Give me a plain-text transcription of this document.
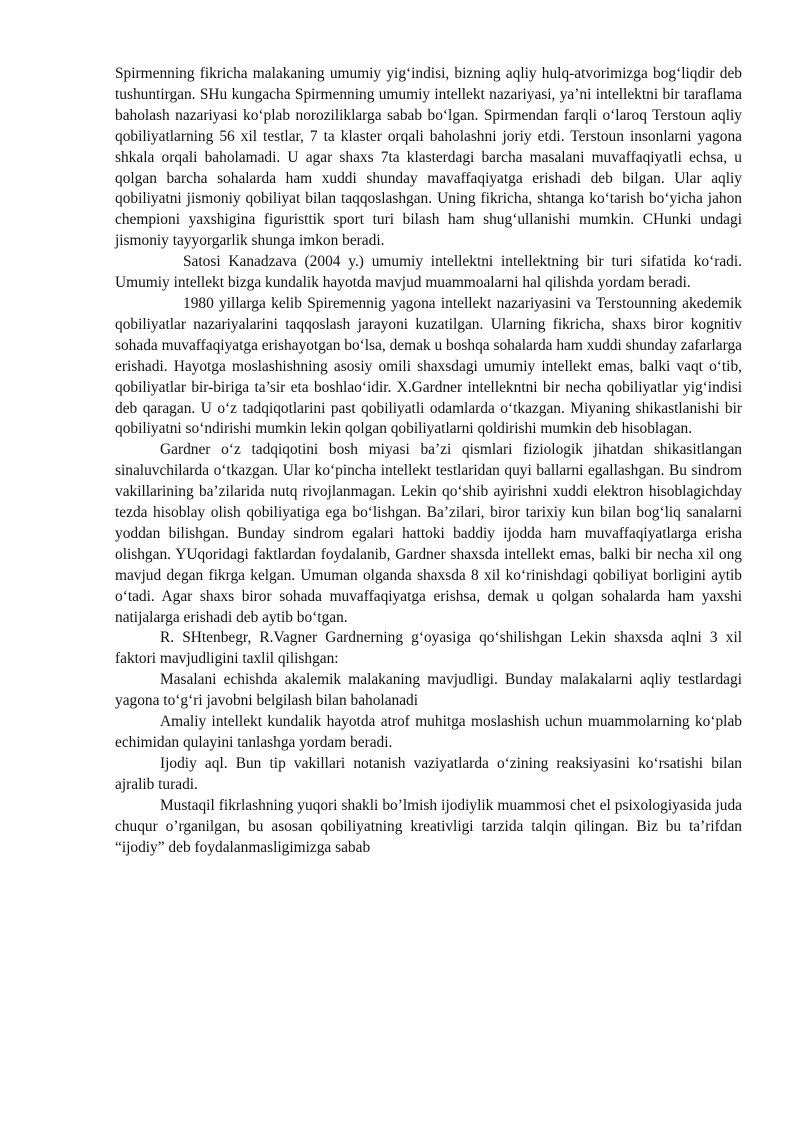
Spirmenning fikricha malakaning umumiy yig‘indisi, bizning aqliy hulq-atvorimizga bog‘liqdir deb tushuntirgan. SHu kungacha Spirmenning umumiy intellekt nazariyasi, ya’ni intellektni bir taraflama baholash nazariyasi ko‘plab noroziliklarga sabab bo‘lgan. Spirmendan farqli o‘laroq Terstoun aqliy qobiliyatlarning 56 xil testlar, 7 ta klaster orqali baholashni joriy etdi. Terstoun insonlarni yagona shkala orqali baholamadi. U agar shaxs 7ta klasterdagi barcha masalani muvaffaqiyatli echsa, u qolgan barcha sohalarda ham xuddi shunday mavaffaqiyatga erishadi deb bilgan. Ular aqliy qobiliyatni jismoniy qobiliyat bilan taqqoslashgan. Uning fikricha, shtanga ko‘tarish bo‘yicha jahon chempioni yaxshigina figuristtik sport turi bilash ham shug‘ullanishi mumkin. CHunki undagi jismoniy tayyorgarlik shunga imkon beradi.

Satosi Kanadzava (2004 y.) umumiy intellektni intellektning bir turi sifatida ko‘radi. Umumiy intellekt bizga kundalik hayotda mavjud muammoalarni hal qilishda yordam beradi.

1980 yillarga kelib Spiremennig yagona intellekt nazariyasini va Terstounning akedemik qobiliyatlar nazariyalarini taqqoslash jarayoni kuzatilgan. Ularning fikricha, shaxs biror kognitiv sohada muvaffaqiyatga erishayotgan bo‘lsa, demak u boshqa sohalarda ham xuddi shunday zafarlarga erishadi. Hayotga moslashishning asosiy omili shaxsdagi umumiy intellekt emas, balki vaqt o‘tib, qobiliyatlar bir-biriga ta’sir eta boshlao‘idir. X.Gardner intellekntni bir necha qobiliyatlar yig‘indisi deb qaragan. U o‘z tadqiqotlarini past qobiliyatli odamlarda o‘tkazgan. Miyaning shikastlanishi bir qobiliyatni so‘ndirishi mumkin lekin qolgan qobiliyatlarni qoldirishi mumkin deb hisoblagan.

Gardner o‘z tadqiqotini bosh miyasi ba’zi qismlari fiziologik jihatdan shikasitlangan sinaluvchilarda o‘tkazgan. Ular ko‘pincha intellekt testlaridan quyi ballarni egallashgan. Bu sindrom vakillarining ba’zilarida nutq rivojlanmagan. Lekin qo‘shib ayirishni xuddi elektron hisoblagichday tezda hisoblay olish qobiliyatiga ega bo‘lishgan. Ba’zilari, biror tarixiy kun bilan bog‘liq sanalarni yoddan bilishgan. Bunday sindrom egalari hattoki baddiy ijodda ham muvaffaqiyatlarga erisha olishgan. YUqoridagi faktlardan foydalanib, Gardner shaxsda intellekt emas, balki bir necha xil ong mavjud degan fikrga kelgan. Umuman olganda shaxsda 8 xil ko‘rinishdagi qobiliyat borligini aytib o‘tadi. Agar shaxs biror sohada muvaffaqiyatga erishsa, demak u qolgan sohalarda ham yaxshi natijalarga erishadi deb aytib bo‘tgan.

R. SHtenbegr, R.Vagner Gardnerning g‘oyasiga qo‘shilishgan Lekin shaxsda aqlni 3 xil faktori mavjudligini taxlil qilishgan:

Masalani echishda akalemik malakaning mavjudligi. Bunday malakalarni aqliy testlardagi yagona to‘g‘ri javobni belgilash bilan baholanadi

Amaliy intellekt kundalik hayotda atrof muhitga moslashish uchun muammolarning ko‘plab echimidan qulayini tanlashga yordam beradi.

Ijodiy aql. Bun tip vakillari notanish vaziyatlarda o‘zining reaksiyasini ko‘rsatishi bilan ajralib turadi.

Mustaqil fikrlashning yuqori shakli bo’lmish ijodiylik muammosi chet el psixologiyasida juda chuqur o’rganilgan, bu asosan qobiliyatning kreativligi tarzida talqin qilingan. Biz bu ta’rifdan “ijodiy” deb foydalanmasligimizga sabab
